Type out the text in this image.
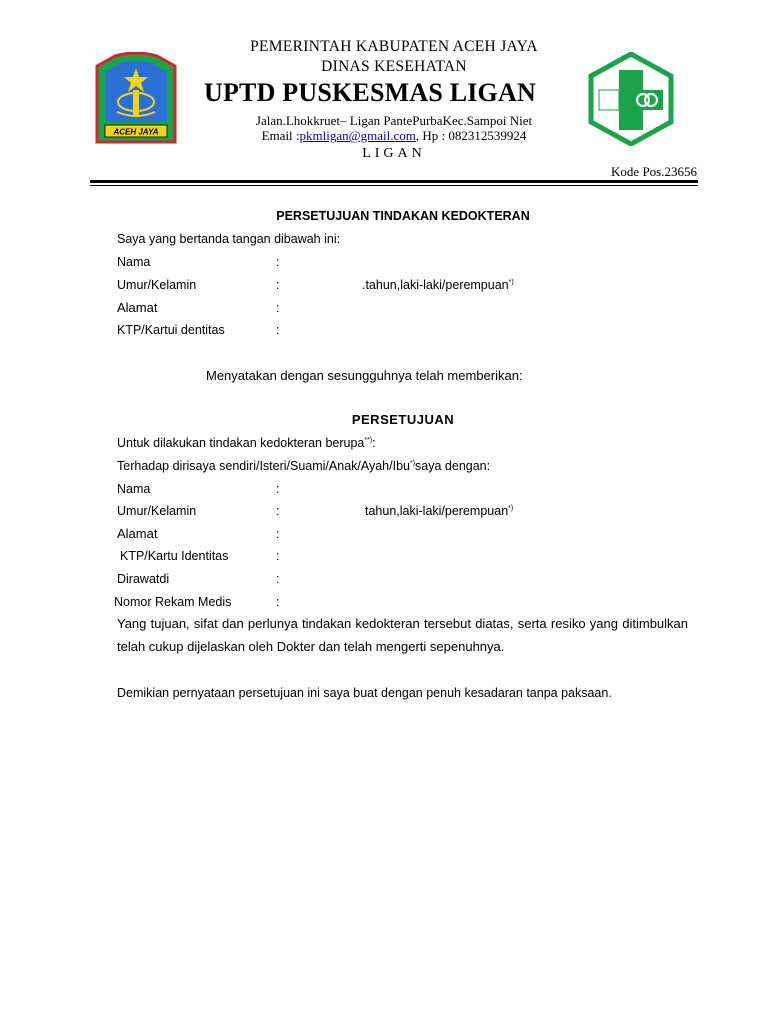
ACEH JAYA
PEMERINTAH KABUPATEN ACEH JAYA
DINAS KESEHATAN
UPTD PUSKESMAS LIGAN
Jalan.Lhokkruet– Ligan PantePurbaKec.Sampoi Niet
Email :pkmligan@gmail.com, Hp : 082312539924
LIGAN
Kode Pos.23656
PERSETUJUAN TINDAKAN KEDOKTERAN
Saya yang bertanda tangan dibawah ini:
Nama	:
Umur/Kelamin	:	.tahun,laki-laki/perempuan*)
Alamat	:
KTP/Kartui dentitas	:
Menyatakan dengan sesungguhnya telah memberikan:
PERSETUJUAN
Untuk dilakukan tindakan kedokteran berupa**):
Terhadap dirisaya sendiri/Isteri/Suami/Anak/Ayah/Ibu*)saya dengan:
Nama	:
Umur/Kelamin	:	tahun,laki-laki/perempuan*)
Alamat	:
KTP/Kartu Identitas	:
Dirawatdi	:
Nomor Rekam Medis	:
Yang tujuan, sifat dan perlunya tindakan kedokteran tersebut diatas, serta resiko yang ditimbulkan telah cukup dijelaskan oleh Dokter dan telah mengerti sepenuhnya.
Demikian pernyataan persetujuan ini saya buat dengan penuh kesadaran tanpa paksaan.
